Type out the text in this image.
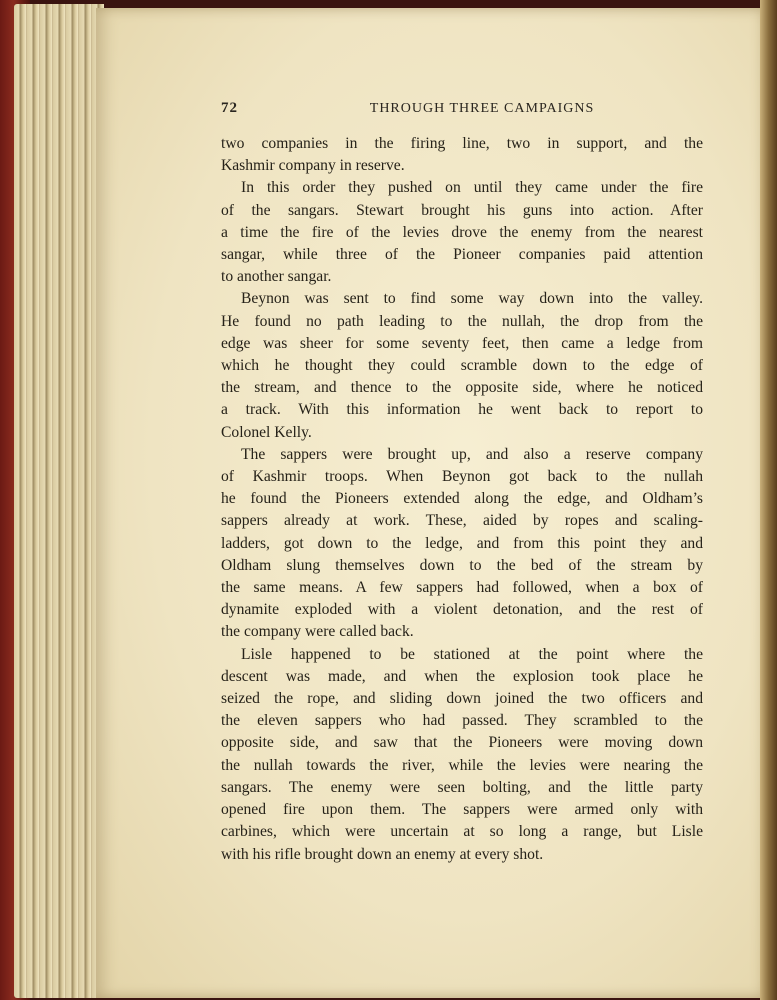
72	THROUGH THREE CAMPAIGNS
two companies in the firing line, two in support, and the
Kashmir company in reserve.
In this order they pushed on until they came under the fire
of the sangars. Stewart brought his guns into action. After
a time the fire of the levies drove the enemy from the nearest
sangar, while three of the Pioneer companies paid attention
to another sangar.
Beynon was sent to find some way down into the valley.
He found no path leading to the nullah, the drop from the
edge was sheer for some seventy feet, then came a ledge from
which he thought they could scramble down to the edge of
the stream, and thence to the opposite side, where he noticed
a track. With this information he went back to report to
Colonel Kelly.
The sappers were brought up, and also a reserve company
of Kashmir troops. When Beynon got back to the nullah
he found the Pioneers extended along the edge, and Oldham’s
sappers already at work. These, aided by ropes and scaling-
ladders, got down to the ledge, and from this point they and
Oldham slung themselves down to the bed of the stream by
the same means. A few sappers had followed, when a box of
dynamite exploded with a violent detonation, and the rest of
the company were called back.
Lisle happened to be stationed at the point where the
descent was made, and when the explosion took place he
seized the rope, and sliding down joined the two officers and
the eleven sappers who had passed. They scrambled to the
opposite side, and saw that the Pioneers were moving down
the nullah towards the river, while the levies were nearing the
sangars. The enemy were seen bolting, and the little party
opened fire upon them. The sappers were armed only with
carbines, which were uncertain at so long a range, but Lisle
with his rifle brought down an enemy at every shot.
